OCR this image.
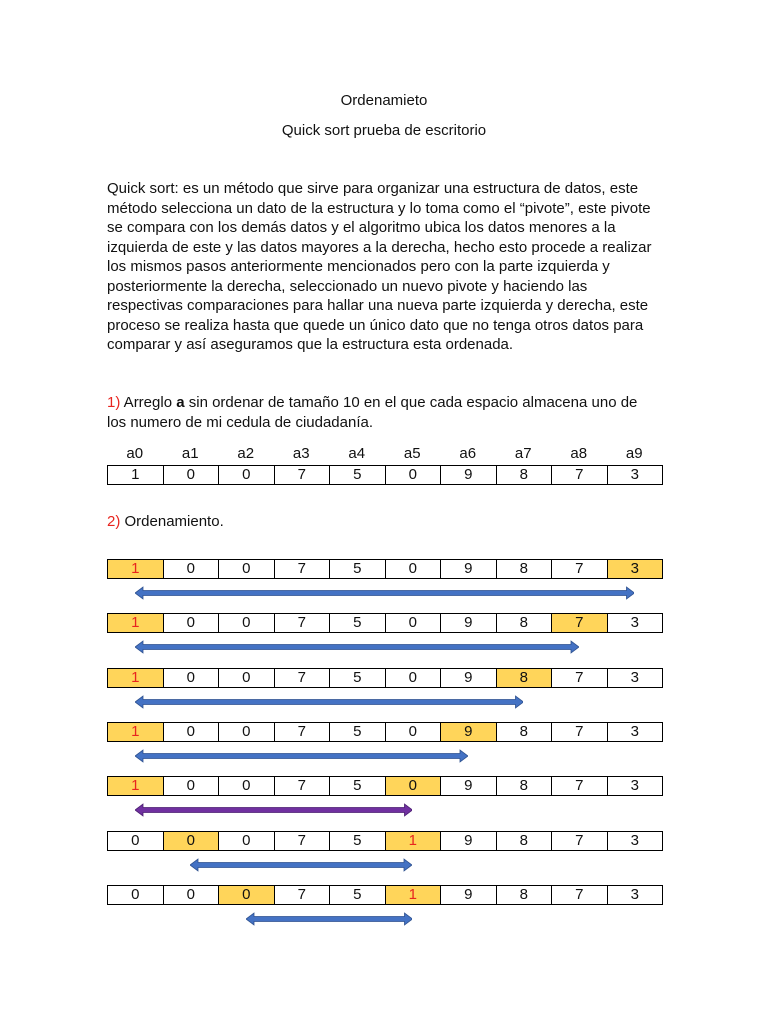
Ordenamieto
Quick sort prueba de escritorio

Quick sort: es un método que sirve para organizar una estructura de datos, este
método selecciona un dato de la estructura y lo toma como el “pivote”, este pivote
se compara con los demás datos y el algoritmo ubica los datos menores a la
izquierda de este y las datos mayores a la derecha, hecho esto procede a realizar
los mismos pasos anteriormente mencionados pero con la parte izquierda y
posteriormente la derecha, seleccionado un nuevo pivote y haciendo las
respectivas comparaciones para hallar una nueva parte izquierda y derecha, este
proceso se realiza hasta que quede un único dato que no tenga otros datos para
comparar y así aseguramos que la estructura esta ordenada.

1) Arreglo a sin ordenar de tamaño 10 en el que cada espacio almacena uno de
los numero de mi cedula de ciudadanía.
a0	a1	a2	a3	a4	a5	a6	a7	a8	a9
1	0	0	7	5	0	9	8	7	3
2) Ordenamiento.
1	0	0	7	5	0	9	8	7	3
1	0	0	7	5	0	9	8	7	3
1	0	0	7	5	0	9	8	7	3
1	0	0	7	5	0	9	8	7	3
1	0	0	7	5	0	9	8	7	3
0	0	0	7	5	1	9	8	7	3
0	0	0	7	5	1	9	8	7	3
